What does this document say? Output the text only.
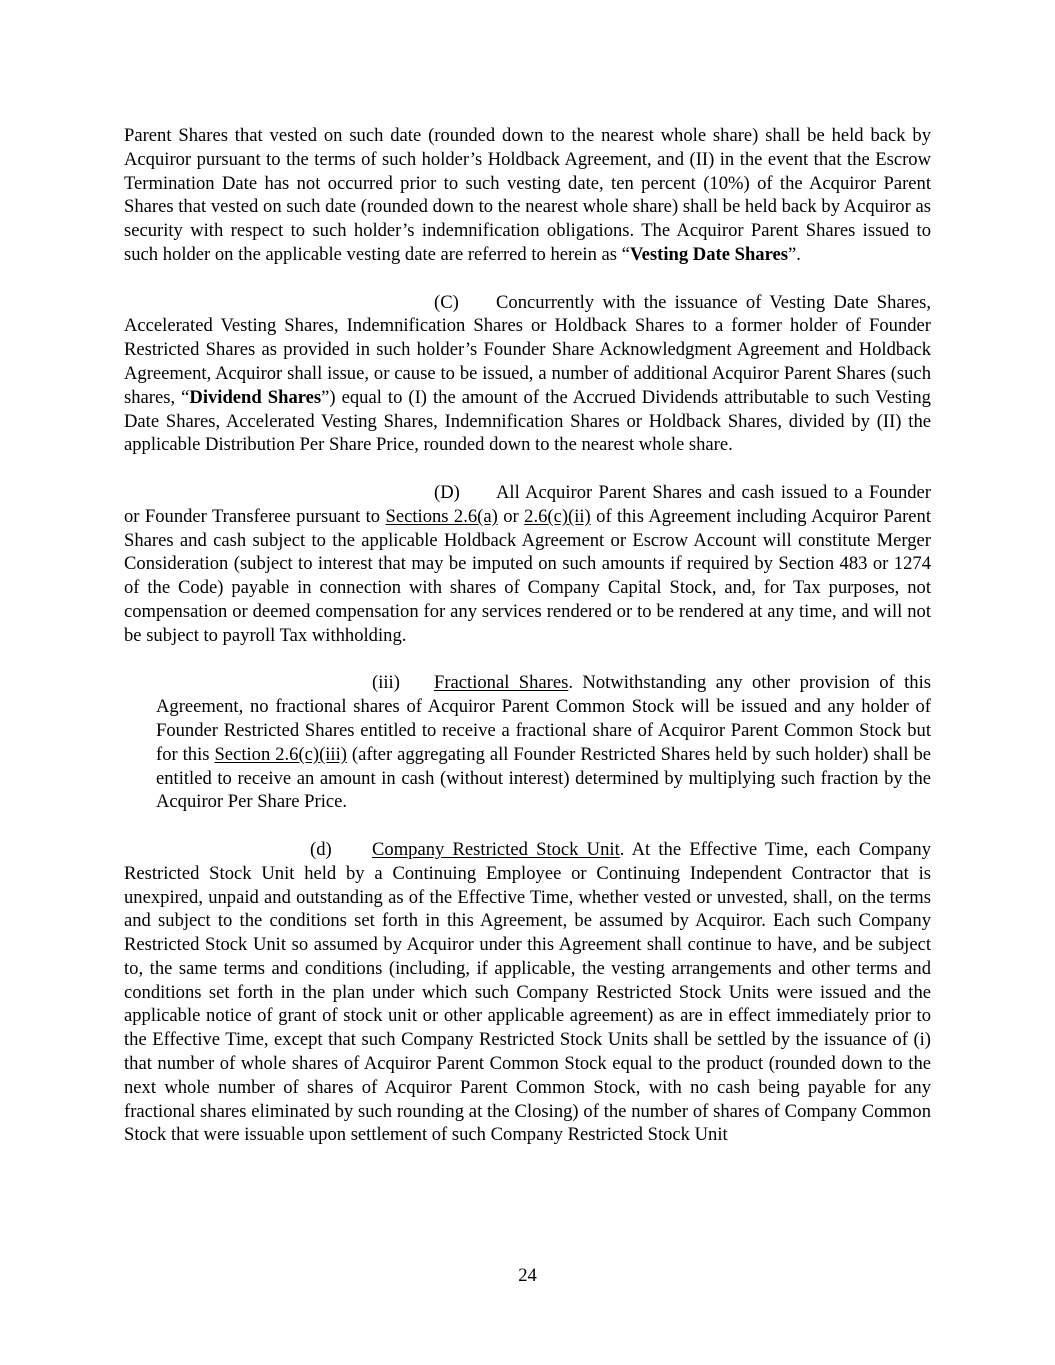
Parent Shares that vested on such date (rounded down to the nearest whole share) shall be held back by Acquiror pursuant to the terms of such holder’s Holdback Agreement, and (II) in the event that the Escrow Termination Date has not occurred prior to such vesting date, ten percent (10%) of the Acquiror Parent Shares that vested on such date (rounded down to the nearest whole share) shall be held back by Acquiror as security with respect to such holder’s indemnification obligations. The Acquiror Parent Shares issued to such holder on the applicable vesting date are referred to herein as “Vesting Date Shares”.

(C) Concurrently with the issuance of Vesting Date Shares, Accelerated Vesting Shares, Indemnification Shares or Holdback Shares to a former holder of Founder Restricted Shares as provided in such holder’s Founder Share Acknowledgment Agreement and Holdback Agreement, Acquiror shall issue, or cause to be issued, a number of additional Acquiror Parent Shares (such shares, “Dividend Shares”) equal to (I) the amount of the Accrued Dividends attributable to such Vesting Date Shares, Accelerated Vesting Shares, Indemnification Shares or Holdback Shares, divided by (II) the applicable Distribution Per Share Price, rounded down to the nearest whole share.

(D) All Acquiror Parent Shares and cash issued to a Founder or Founder Transferee pursuant to Sections 2.6(a) or 2.6(c)(ii) of this Agreement including Acquiror Parent Shares and cash subject to the applicable Holdback Agreement or Escrow Account will constitute Merger Consideration (subject to interest that may be imputed on such amounts if required by Section 483 or 1274 of the Code) payable in connection with shares of Company Capital Stock, and, for Tax purposes, not compensation or deemed compensation for any services rendered or to be rendered at any time, and will not be subject to payroll Tax withholding.

(iii) Fractional Shares. Notwithstanding any other provision of this Agreement, no fractional shares of Acquiror Parent Common Stock will be issued and any holder of Founder Restricted Shares entitled to receive a fractional share of Acquiror Parent Common Stock but for this Section 2.6(c)(iii) (after aggregating all Founder Restricted Shares held by such holder) shall be entitled to receive an amount in cash (without interest) determined by multiplying such fraction by the Acquiror Per Share Price.

(d) Company Restricted Stock Unit. At the Effective Time, each Company Restricted Stock Unit held by a Continuing Employee or Continuing Independent Contractor that is unexpired, unpaid and outstanding as of the Effective Time, whether vested or unvested, shall, on the terms and subject to the conditions set forth in this Agreement, be assumed by Acquiror. Each such Company Restricted Stock Unit so assumed by Acquiror under this Agreement shall continue to have, and be subject to, the same terms and conditions (including, if applicable, the vesting arrangements and other terms and conditions set forth in the plan under which such Company Restricted Stock Units were issued and the applicable notice of grant of stock unit or other applicable agreement) as are in effect immediately prior to the Effective Time, except that such Company Restricted Stock Units shall be settled by the issuance of (i) that number of whole shares of Acquiror Parent Common Stock equal to the product (rounded down to the next whole number of shares of Acquiror Parent Common Stock, with no cash being payable for any fractional shares eliminated by such rounding at the Closing) of the number of shares of Company Common Stock that were issuable upon settlement of such Company Restricted Stock Unit

24
